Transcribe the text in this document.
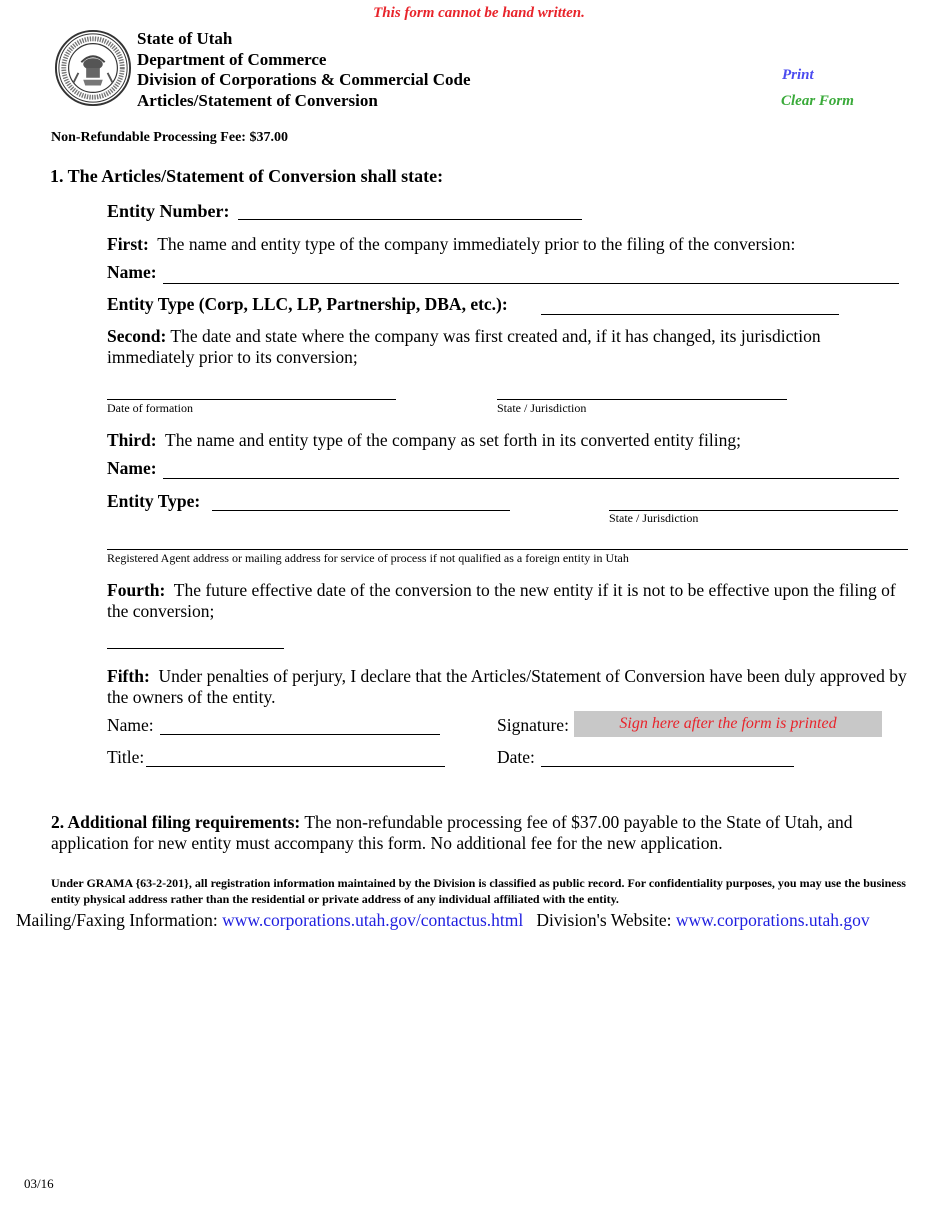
This form cannot be hand written.
State of Utah
Department of Commerce
Division of Corporations & Commercial Code
Articles/Statement of Conversion
Print
Clear Form
Non-Refundable Processing Fee: $37.00
1. The Articles/Statement of Conversion shall state:
Entity Number:
First: The name and entity type of the company immediately prior to the filing of the conversion:
Name:
Entity Type (Corp, LLC, LP, Partnership, DBA, etc.):
Second: The date and state where the company was first created and, if it has changed, its jurisdiction immediately prior to its conversion;
Date of formation	State / Jurisdiction
Third: The name and entity type of the company as set forth in its converted entity filing;
Name:
Entity Type:
State / Jurisdiction
Registered Agent address or mailing address for service of process if not qualified as a foreign entity in Utah
Fourth: The future effective date of the conversion to the new entity if it is not to be effective upon the filing of the conversion;
Fifth: Under penalties of perjury, I declare that the Articles/Statement of Conversion have been duly approved by the owners of the entity.
Name:	Signature:	Sign here after the form is printed
Title:	Date:
2. Additional filing requirements: The non-refundable processing fee of $37.00 payable to the State of Utah, and application for new entity must accompany this form. No additional fee for the new application.
Under GRAMA {63-2-201}, all registration information maintained by the Division is classified as public record. For confidentiality purposes, you may use the business entity physical address rather than the residential or private address of any individual affiliated with the entity.
Mailing/Faxing Information: www.corporations.utah.gov/contactus.html Division's Website: www.corporations.utah.gov
03/16
